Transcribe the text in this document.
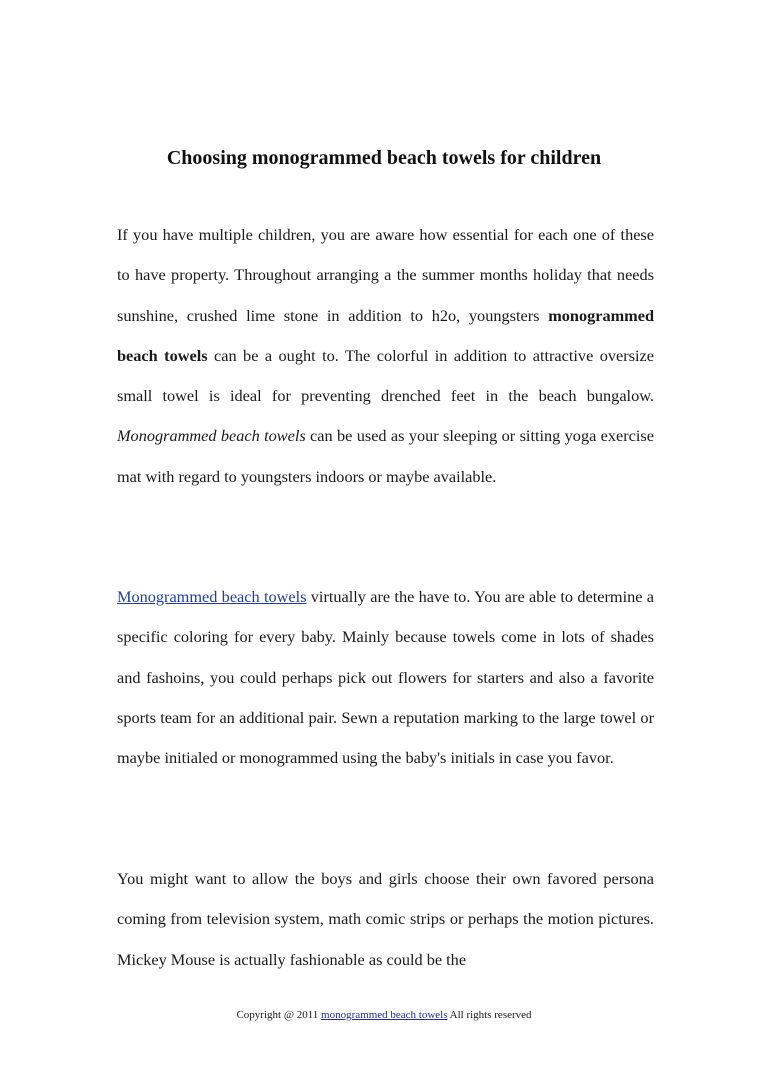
Choosing monogrammed beach towels for children

If you have multiple children, you are aware how essential for each one of these to have property. Throughout arranging a the summer months holiday that needs sunshine, crushed lime stone in addition to h2o, youngsters monogrammed beach towels can be a ought to. The colorful in addition to attractive oversize small towel is ideal for preventing drenched feet in the beach bungalow. Monogrammed beach towels can be used as your sleeping or sitting yoga exercise mat with regard to youngsters indoors or maybe available.

Monogrammed beach towels virtually are the have to. You are able to determine a specific coloring for every baby. Mainly because towels come in lots of shades and fashoins, you could perhaps pick out flowers for starters and also a favorite sports team for an additional pair. Sewn a reputation marking to the large towel or maybe initialed or monogrammed using the baby's initials in case you favor.

You might want to allow the boys and girls choose their own favored persona coming from television system, math comic strips or perhaps the motion pictures. Mickey Mouse is actually fashionable as could be the

Copyright @ 2011 monogrammed beach towels All rights reserved
